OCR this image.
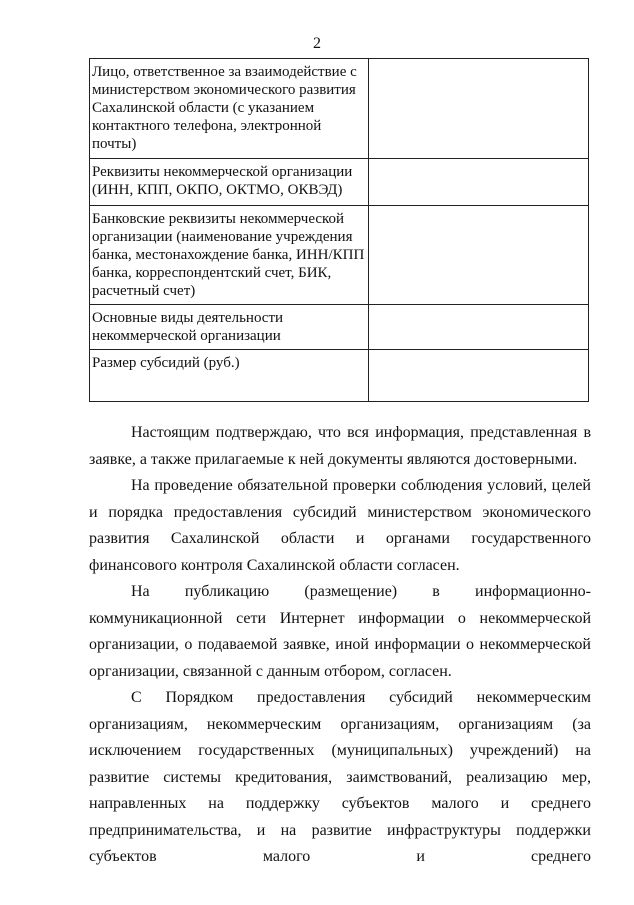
2
Лицо, ответственное за взаимодействие с министерством экономического развития Сахалинской области (с указанием контактного телефона, электронной почты)	
Реквизиты некоммерческой организации (ИНН, КПП, ОКПО, ОКТМО, ОКВЭД)	
Банковские реквизиты некоммерческой организации (наименование учреждения банка, местонахождение банка, ИНН/КПП банка, корреспондентский счет, БИК, расчетный счет)	
Основные виды деятельности некоммерческой организации	
Размер субсидий (руб.)	

Настоящим подтверждаю, что вся информация, представленная в заявке, а также прилагаемые к ней документы являются достоверными.

На проведение обязательной проверки соблюдения условий, целей и порядка предоставления субсидий министерством экономического развития Сахалинской области и органами государственного финансового контроля Сахалинской области согласен.

На публикацию (размещение) в информационно-коммуникационной сети Интернет информации о некоммерческой организации, о подаваемой заявке, иной информации о некоммерческой организации, связанной с данным отбором, согласен.

С Порядком предоставления субсидий некоммерческим организациям, некоммерческим организациям, организациям (за исключением государственных (муниципальных) учреждений) на развитие системы кредитования, заимствований, реализацию мер, направленных на поддержку субъектов малого и среднего предпринимательства, и на развитие инфраструктуры поддержки субъектов малого и среднего
